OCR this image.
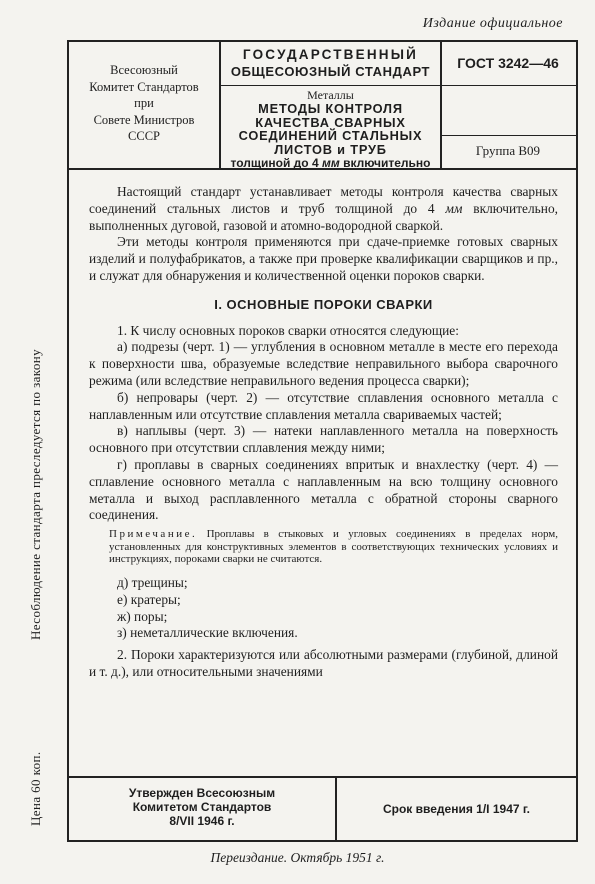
Издание официальное
Несоблюдение стандарта преследуется по закону
Цена 60 коп.
Всесоюзный
Комитет Стандартов
при
Совете Министров
СССР
ГОСУДАРСТВЕННЫЙ
ОБЩЕСОЮЗНЫЙ СТАНДАРТ
Металлы
МЕТОДЫ КОНТРОЛЯ
КАЧЕСТВА СВАРНЫХ
СОЕДИНЕНИЙ СТАЛЬНЫХ
ЛИСТОВ и ТРУБ
толщиной до 4 мм включительно
ГОСТ 3242—46
Группа В09

Настоящий стандарт устанавливает методы контроля качества сварных соединений стальных листов и труб толщиной до 4 мм включительно, выполненных дуговой, газовой и атомно-водородной сваркой.

Эти методы контроля применяются при сдаче-приемке готовых сварных изделий и полуфабрикатов, а также при проверке квалификации сварщиков и пр., и служат для обнаружения и количественной оценки пороков сварки.

I. ОСНОВНЫЕ ПОРОКИ СВАРКИ

1. К числу основных пороков сварки относятся следующие:

а) подрезы (черт. 1) — углубления в основном металле в месте его перехода к поверхности шва, образуемые вследствие неправильного выбора сварочного режима (или вследствие неправильного ведения процесса сварки);

б) непровары (черт. 2) — отсутствие сплавления основного металла с наплавленным или отсутствие сплавления металла свариваемых частей;

в) наплывы (черт. 3) — натеки наплавленного металла на поверхность основного при отсутствии сплавления между ними;

г) проплавы в сварных соединениях впритык и внахлестку (черт. 4) — сплавление основного металла с наплавленным на всю толщину основного металла и выход расплавленного металла с обратной стороны сварного соединения.

Примечание. Проплавы в стыковых и угловых соединениях в пределах норм, установленных для конструктивных элементов в соответствующих технических условиях и инструкциях, пороками сварки не считаются.

д) трещины;

е) кратеры;

ж) поры;

з) неметаллические включения.

2. Пороки характеризуются или абсолютными размерами (глубиной, длиной и т. д.), или относительными значениями

Утвержден Всесоюзным
Комитетом Стандартов
8/VII 1946 г.
Срок введения 1/I 1947 г.
Переиздание. Октябрь 1951 г.
